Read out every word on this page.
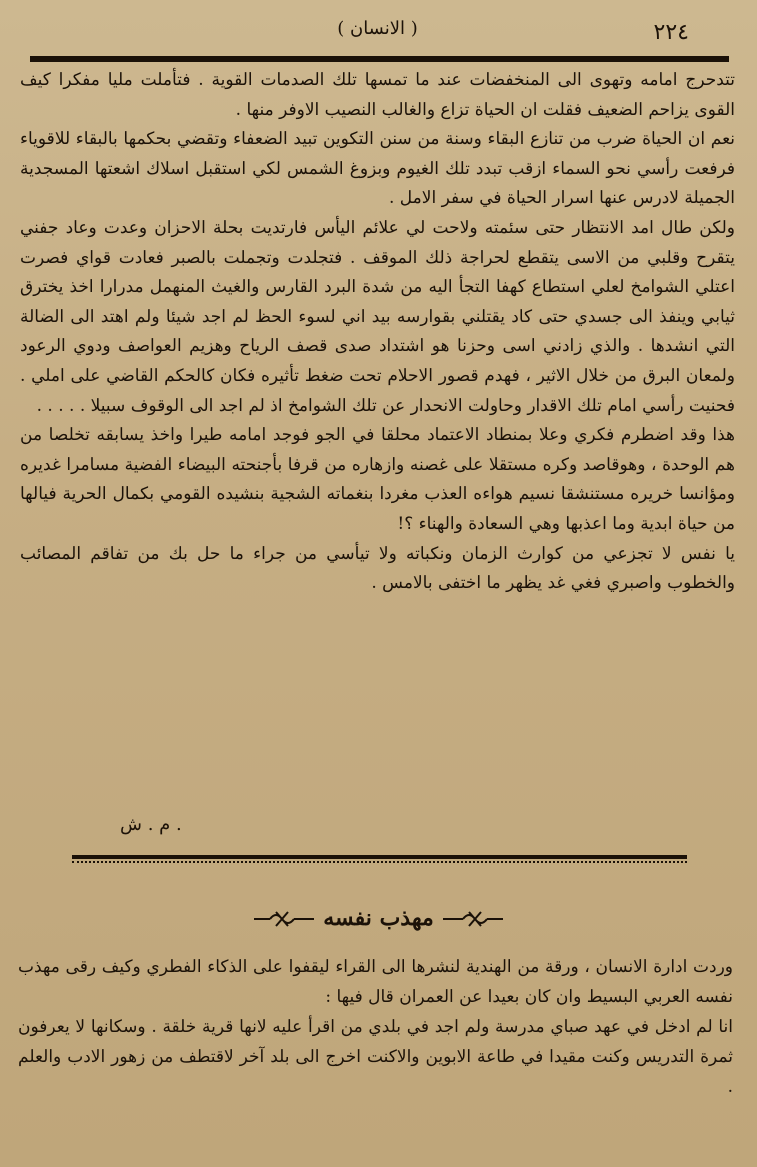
٢٢٤
( الانسان )

تتدحرج امامه وتهوى الى المنخفضات عند ما تمسها تلك الصدمات القوية . فتأملت مليا مفكرا كيف القوى يزاحم الضعيف فقلت ان الحياة تزاع والغالب النصيب الاوفر منها .

نعم ان الحياة ضرب من تنازع البقاء وسنة من سنن التكوين تبيد الضعفاء وتقضي بحكمها بالبقاء للاقوياء فرفعت رأسي نحو السماء ازقب تبدد تلك الغيوم وبزوغ الشمس لكي استقبل اسلاك اشعتها المسجدية الجميلة لادرس عنها اسرار الحياة في سفر الامل .

ولكن طال امد الانتظار حتى سئمته ولاحت لي علائم اليأس فارتديت بحلة الاحزان وعدت وعاد جفني يتقرح وقلبي من الاسى يتقطع لحراجة ذلك الموقف . فتجلدت وتجملت بالصبر فعادت قواي فصرت اعتلي الشوامخ لعلي استطاع كهفا التجأ اليه من شدة البرد القارس والغيث المنهمل مدرارا اخذ يخترق ثيابي وينفذ الى جسدي حتى كاد يقتلني بقوارسه بيد اني لسوء الحظ لم اجد شيئا ولم اهتد الى الضالة التي انشدها . والذي زادني اسى وحزنا هو اشتداد صدى قصف الرياح وهزيم العواصف ودوي الرعود ولمعان البرق من خلال الاثير ، فهدم قصور الاحلام تحت ضغط تأثيره فكان كالحكم القاضي على املي . فحنيت رأسي امام تلك الاقدار وحاولت الانحدار عن تلك الشوامخ اذ لم اجد الى الوقوف سبيلا . . . . .

هذا وقد اضطرم فكري وعلا بمنطاد الاعتماد محلقا في الجو فوجد امامه طيرا واخذ يسابقه تخلصا من هم الوحدة ، وهوقاصد وكره مستقلا على غصنه وازهاره من قرفا بأجنحته البيضاء الفضية مسامرا غديره ومؤانسا خريره مستنشقا نسيم هواءه العذب مغردا بنغماته الشجية بنشيده القومي بكمال الحرية فيالها من حياة ابدية وما اعذبها وهي السعادة والهناء ؟!

يا نفس لا تجزعي من كوارث الزمان ونكباته ولا تيأسي من جراء ما حل بك من تفاقم المصائب والخطوب واصبري فغي غد يظهر ما اختفى بالامس .

م . ش .
مهذب نفسه

وردت ادارة الانسان ، ورقة من الهندية لنشرها الى القراء ليقفوا على الذكاء الفطري وكيف رقى مهذب نفسه العربي البسيط وان كان بعيدا عن العمران قال فيها :

انا لم ادخل في عهد صباي مدرسة ولم اجد في بلدي من اقرأ عليه لانها قرية خلقة . وسكانها لا يعرفون ثمرة التدريس وكنت مقيدا في طاعة الابوين والاكنت اخرج الى بلد آخر لاقتطف من زهور الادب والعلم .
